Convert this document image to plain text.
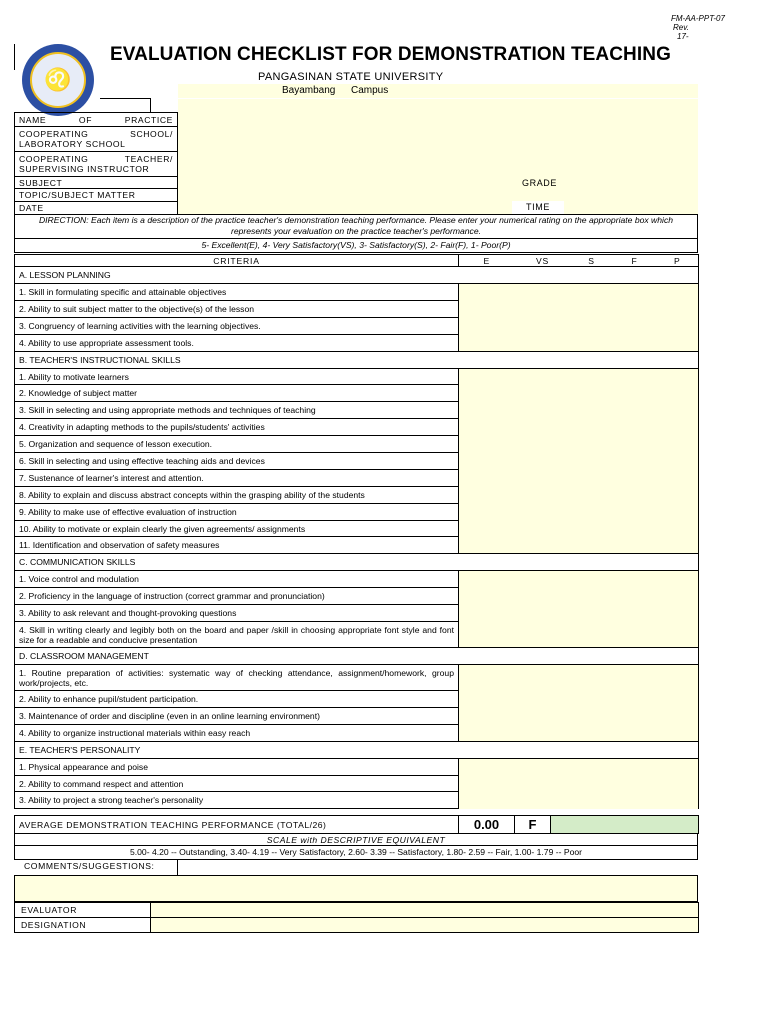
FM-AA-PPT-07
Rev.
17-
♌
EVALUATION CHECKLIST FOR DEMONSTRATION TEACHING
PANGASINAN STATE UNIVERSITY
Bayambang Campus
NAME OF PRACTICE

COOPERATING SCHOOL/
LABORATORY SCHOOL

COOPERATING TEACHER/
SUPERVISING INSTRUCTOR

SUBJECT
TOPIC/SUBJECT MATTER
DATE
GRADE
TIME
DIRECTION: Each item is a description of the practice teacher's demonstration teaching performance. Please enter your numerical rating on the appropriate box which represents your evaluation on the practice teacher's performance.
5- Excellent(E), 4- Very Satisfactory(VS), 3- Satisfactory(S), 2- Fair(F), 1- Poor(P)
CRITERIA	E	VS	S	F	P
A. LESSON PLANNING					
1. Skill in formulating specific and attainable objectives					
2. Ability to suit subject matter to the objective(s) of the lesson					
3. Congruency of learning activities with the learning objectives.					
4. Ability to use appropriate assessment tools.					
B. TEACHER'S INSTRUCTIONAL SKILLS					
1. Ability to motivate learners					
2. Knowledge of subject matter					
3. Skill in selecting and using appropriate methods and techniques of teaching					
4. Creativity in adapting methods to the pupils/students' activities					
5. Organization and sequence of lesson execution.					
6. Skill in selecting and using effective teaching aids and devices					
7. Sustenance of learner's interest and attention.					
8. Ability to explain and discuss abstract concepts within the grasping ability of the students					
9. Ability to make use of effective evaluation of instruction					
10. Ability to motivate or explain clearly the given agreements/ assignments					
11. Identification and observation of safety measures					
C. COMMUNICATION SKILLS					
1. Voice control and modulation					
2. Proficiency in the language of instruction (correct grammar and pronunciation)					
3. Ability to ask relevant and thought-provoking questions					
4. Skill in writing clearly and legibly both on the board and paper /skill in choosing appropriate font style and font size for a readable and conducive presentation					
D. CLASSROOM MANAGEMENT					
1. Routine preparation of activities: systematic way of checking attendance, assignment/homework, group work/projects, etc.					
2. Ability to enhance pupil/student participation.					
3. Maintenance of order and discipline (even in an online learning environment)					
4. Ability to organize instructional materials within easy reach					
E. TEACHER'S PERSONALITY					
1. Physical appearance and poise					
2. Ability to command respect and attention					
3. Ability to project a strong teacher's personality					
AVERAGE DEMONSTRATION TEACHING PERFORMANCE (TOTAL/26)	0.00	F	
SCALE with DESCRIPTIVE EQUIVALENT
5.00- 4.20 -- Outstanding, 3.40- 4.19 -- Very Satisfactory, 2.60- 3.39 -- Satisfactory, 1.80- 2.59 -- Fair, 1.00- 1.79 -- Poor
COMMENTS/SUGGESTIONS:
EVALUATOR	
DESIGNATION	
